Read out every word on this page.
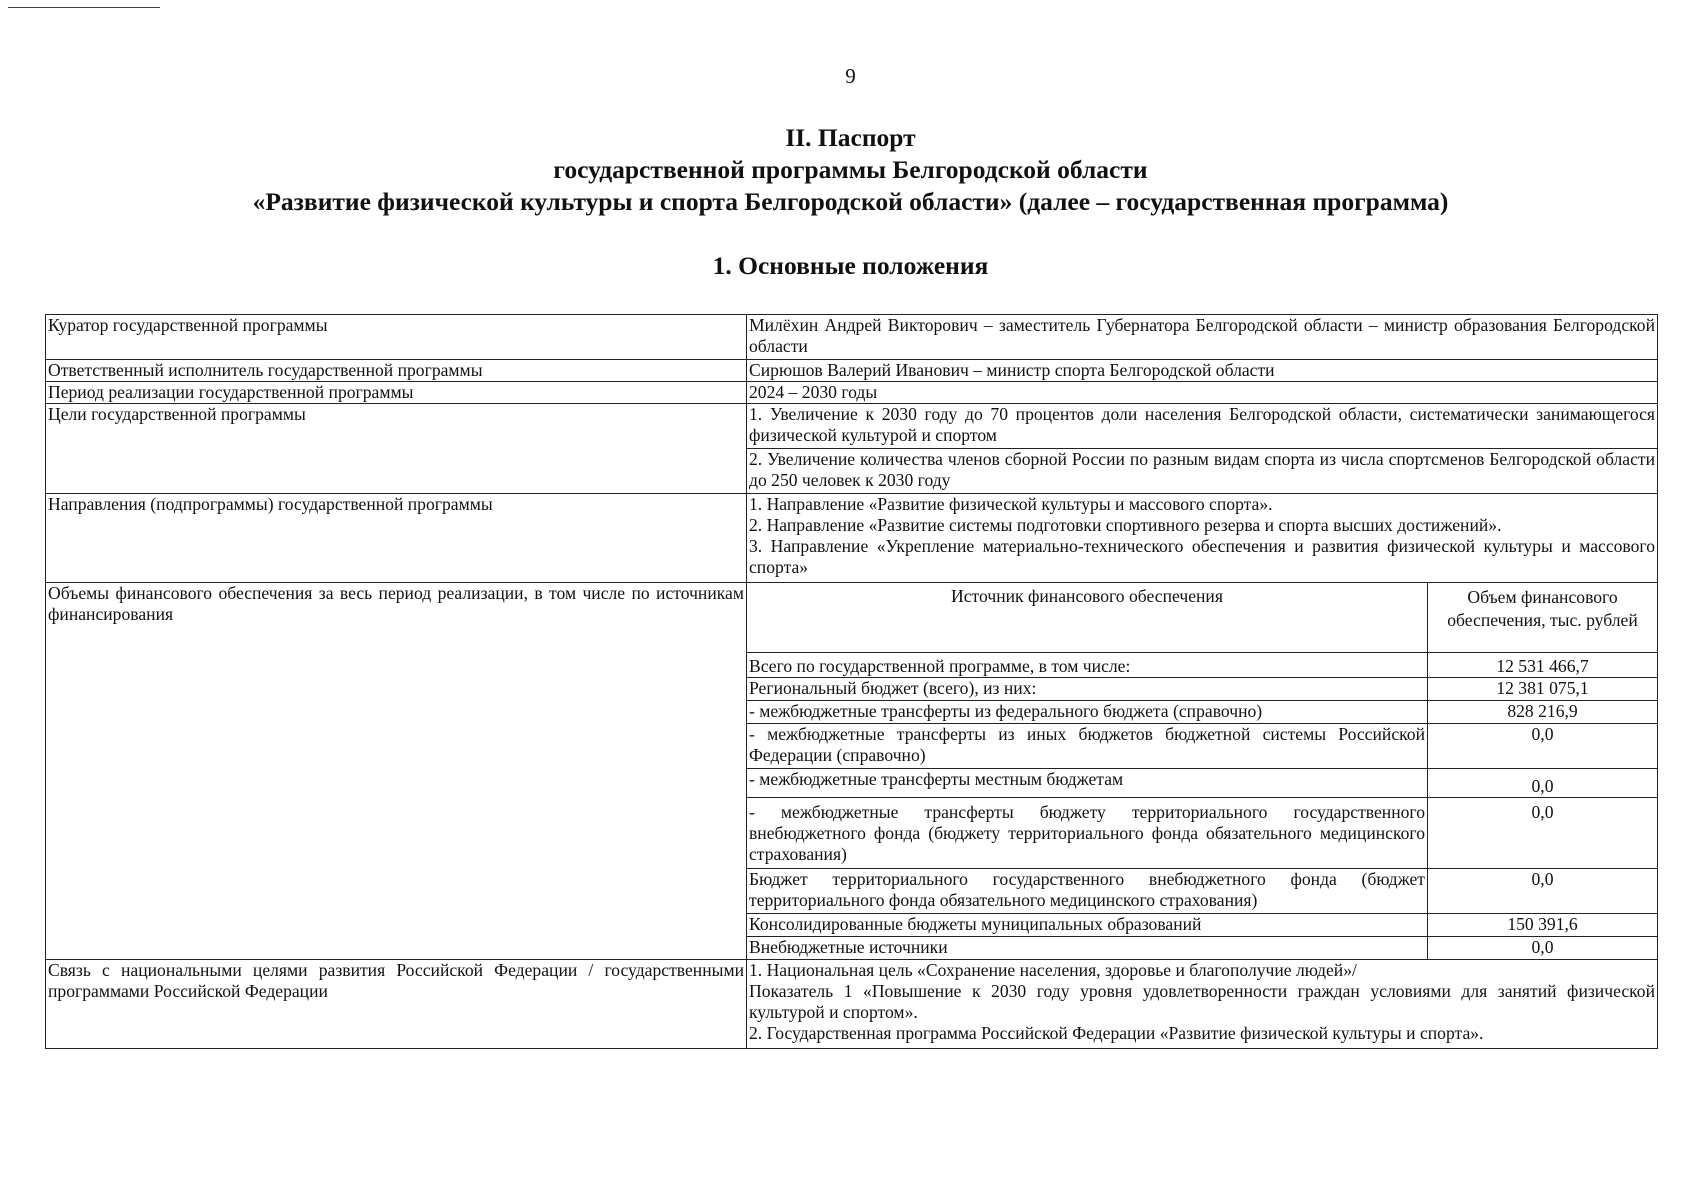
9
II. Паспорт
государственной программы Белгородской области
«Развитие физической культуры и спорта Белгородской области» (далее – государственная программа)
1. Основные положения
Куратор государственной программы	Милёхин Андрей Викторович – заместитель Губернатора Белгородской области – министр образования Белгородской области	
Ответственный исполнитель государственной программы	Сирюшов Валерий Иванович – министр спорта Белгородской области	
Период реализации государственной программы	2024 – 2030 годы	
Цели государственной программы	1. Увеличение к 2030 году до 70 процентов доли населения Белгородской области, систематически занимающегося физической культурой и спортом	
	2. Увеличение количества членов сборной России по разным видам спорта из числа спортсменов Белгородской области до 250 человек к 2030 году	
Направления (подпрограммы) государственной программы	1. Направление «Развитие физической культуры и массового спорта».
2. Направление «Развитие системы подготовки спортивного резерва и спорта высших достижений».
3. Направление «Укрепление материально-технического обеспечения и развития физической культуры и массового спорта»	

Объемы финансового обеспечения за весь период реализации, в том числе по источникам финансирования	Источник финансового обеспечения	Объем финансового
обеспечения, тыс. рублей

	Всего по государственной программе, в том числе:	12 531 466,7
	Региональный бюджет (всего), из них:	12 381 075,1
	- межбюджетные трансферты из федерального бюджета (справочно)	828 216,9
	- межбюджетные трансферты из иных бюджетов бюджетной системы Российской Федерации (справочно)	0,0
	- межбюджетные трансферты местным бюджетам	0,0
	- межбюджетные трансферты бюджету территориального государственного внебюджетного фонда (бюджету территориального фонда обязательного медицинского страхования)	0,0
	Бюджет территориального государственного внебюджетного фонда (бюджет территориального фонда обязательного медицинского страхования)	0,0
	Консолидированные бюджеты муниципальных образований	150 391,6
	Внебюджетные источники	0,0
Связь с национальными целями развития Российской Федерации / государственными программами Российской Федерации	1. Национальная цель «Сохранение населения, здоровье и благополучие людей»/
Показатель 1 «Повышение к 2030 году уровня удовлетворенности граждан условиями для занятий физической культурой и спортом».
2. Государственная программа Российской Федерации «Развитие физической культуры и спорта».	
